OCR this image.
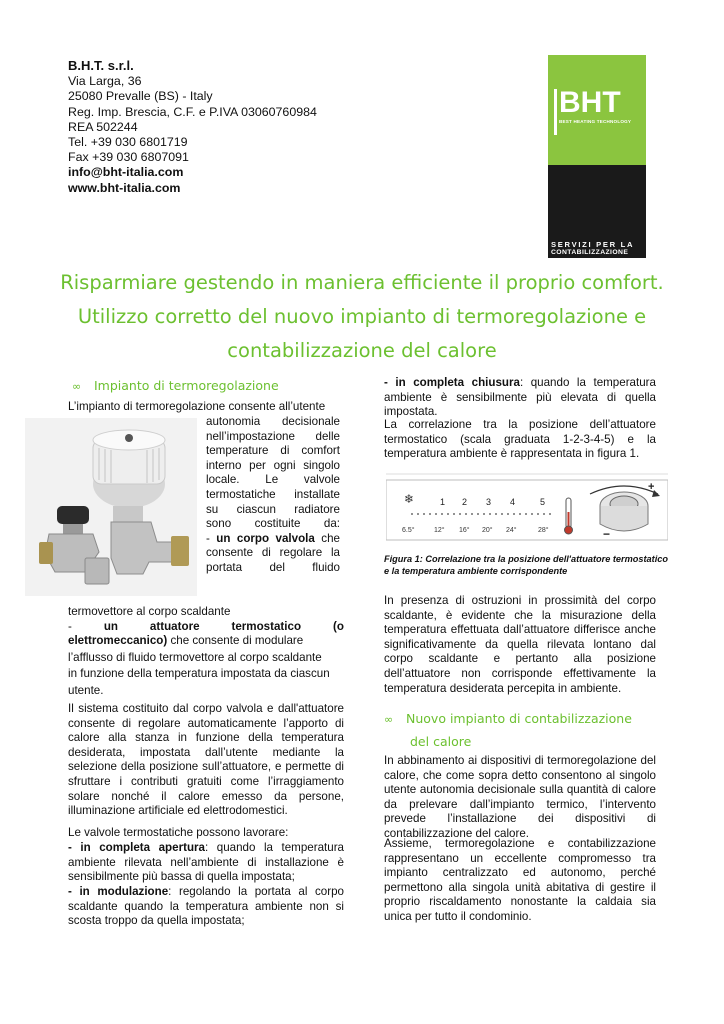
B.H.T. s.r.l.
Via Larga, 36
25080 Prevalle (BS) - Italy
Reg. Imp. Brescia, C.F. e P.IVA 03060760984
REA 502244
Tel. +39 030 6801719
Fax +39 030 6807091
info@bht-italia.com
www.bht-italia.com
BHT
BEST HEATING TECHNOLOGY
SERVIZI PER LA
CONTABILIZZAZIONE
Risparmiare gestendo in maniera efficiente il proprio comfort.
Utilizzo corretto del nuovo impianto di termoregolazione e
contabilizzazione del calore
∞ Impianto di termoregolazione
L’impianto di termoregolazione consente all’utente
autonomia decisionale
nell’impostazione delle
temperature di comfort
interno per ogni singolo
locale. Le valvole
termostatiche installate
su ciascun radiatore
sono costituite da:
- un corpo valvola che
consente di regolare la
portata del fluido
termovettore al corpo scaldante
-	un	attuatore	termostatico	(o
elettromeccanico) che consente di modulare
l’afflusso di fluido termovettore al corpo scaldante
in funzione della temperatura impostata da ciascun
utente.
Il sistema costituito dal corpo valvola e dall'attuatore consente di regolare automaticamente l’apporto di calore alla stanza in funzione della temperatura desiderata, impostata dall’utente mediante la selezione della posizione sull’attuatore, e permette di sfruttare i contributi gratuiti come l’irraggiamento solare nonché il calore emesso da persone, illuminazione artificiale ed elettrodomestici.
Le valvole termostatiche possono lavorare:
- in completa apertura: quando la temperatura ambiente rilevata nell’ambiente di installazione è sensibilmente più bassa di quella impostata;
- in modulazione: regolando la portata al corpo scaldante quando la temperatura ambiente non si scosta troppo da quella impostata;
- in completa chiusura: quando la temperatura ambiente è sensibilmente più elevata di quella impostata.
La correlazione tra la posizione dell’attuatore termostatico (scala graduata 1-2-3-4-5) e la temperatura ambiente è rappresentata in figura 1.
❄	1 2 3 4	5
6.5°	12° 16° 20° 24°	28°
+
−
Figura 1: Correlazione tra la posizione dell'attuatore termostatico e la temperatura ambiente corrispondente
In presenza di ostruzioni in prossimità del corpo scaldante, è evidente che la misurazione della temperatura effettuata dall’attuatore differisce anche significativamente da quella rilevata lontano dal corpo scaldante e pertanto alla posizione dell’attuatore non corrisponde effettivamente la temperatura desiderata percepita in ambiente.
∞ Nuovo impianto di contabilizzazione
del calore
In abbinamento ai dispositivi di termoregolazione del calore, che come sopra detto consentono al singolo utente autonomia decisionale sulla quantità di calore da prelevare dall’impianto termico, l’intervento prevede l’installazione dei dispositivi di contabilizzazione del calore.
Assieme, termoregolazione e contabilizzazione rappresentano un eccellente compromesso tra impianto centralizzato ed autonomo, perché permettono alla singola unità abitativa di gestire il proprio riscaldamento nonostante la caldaia sia unica per tutto il condominio.
